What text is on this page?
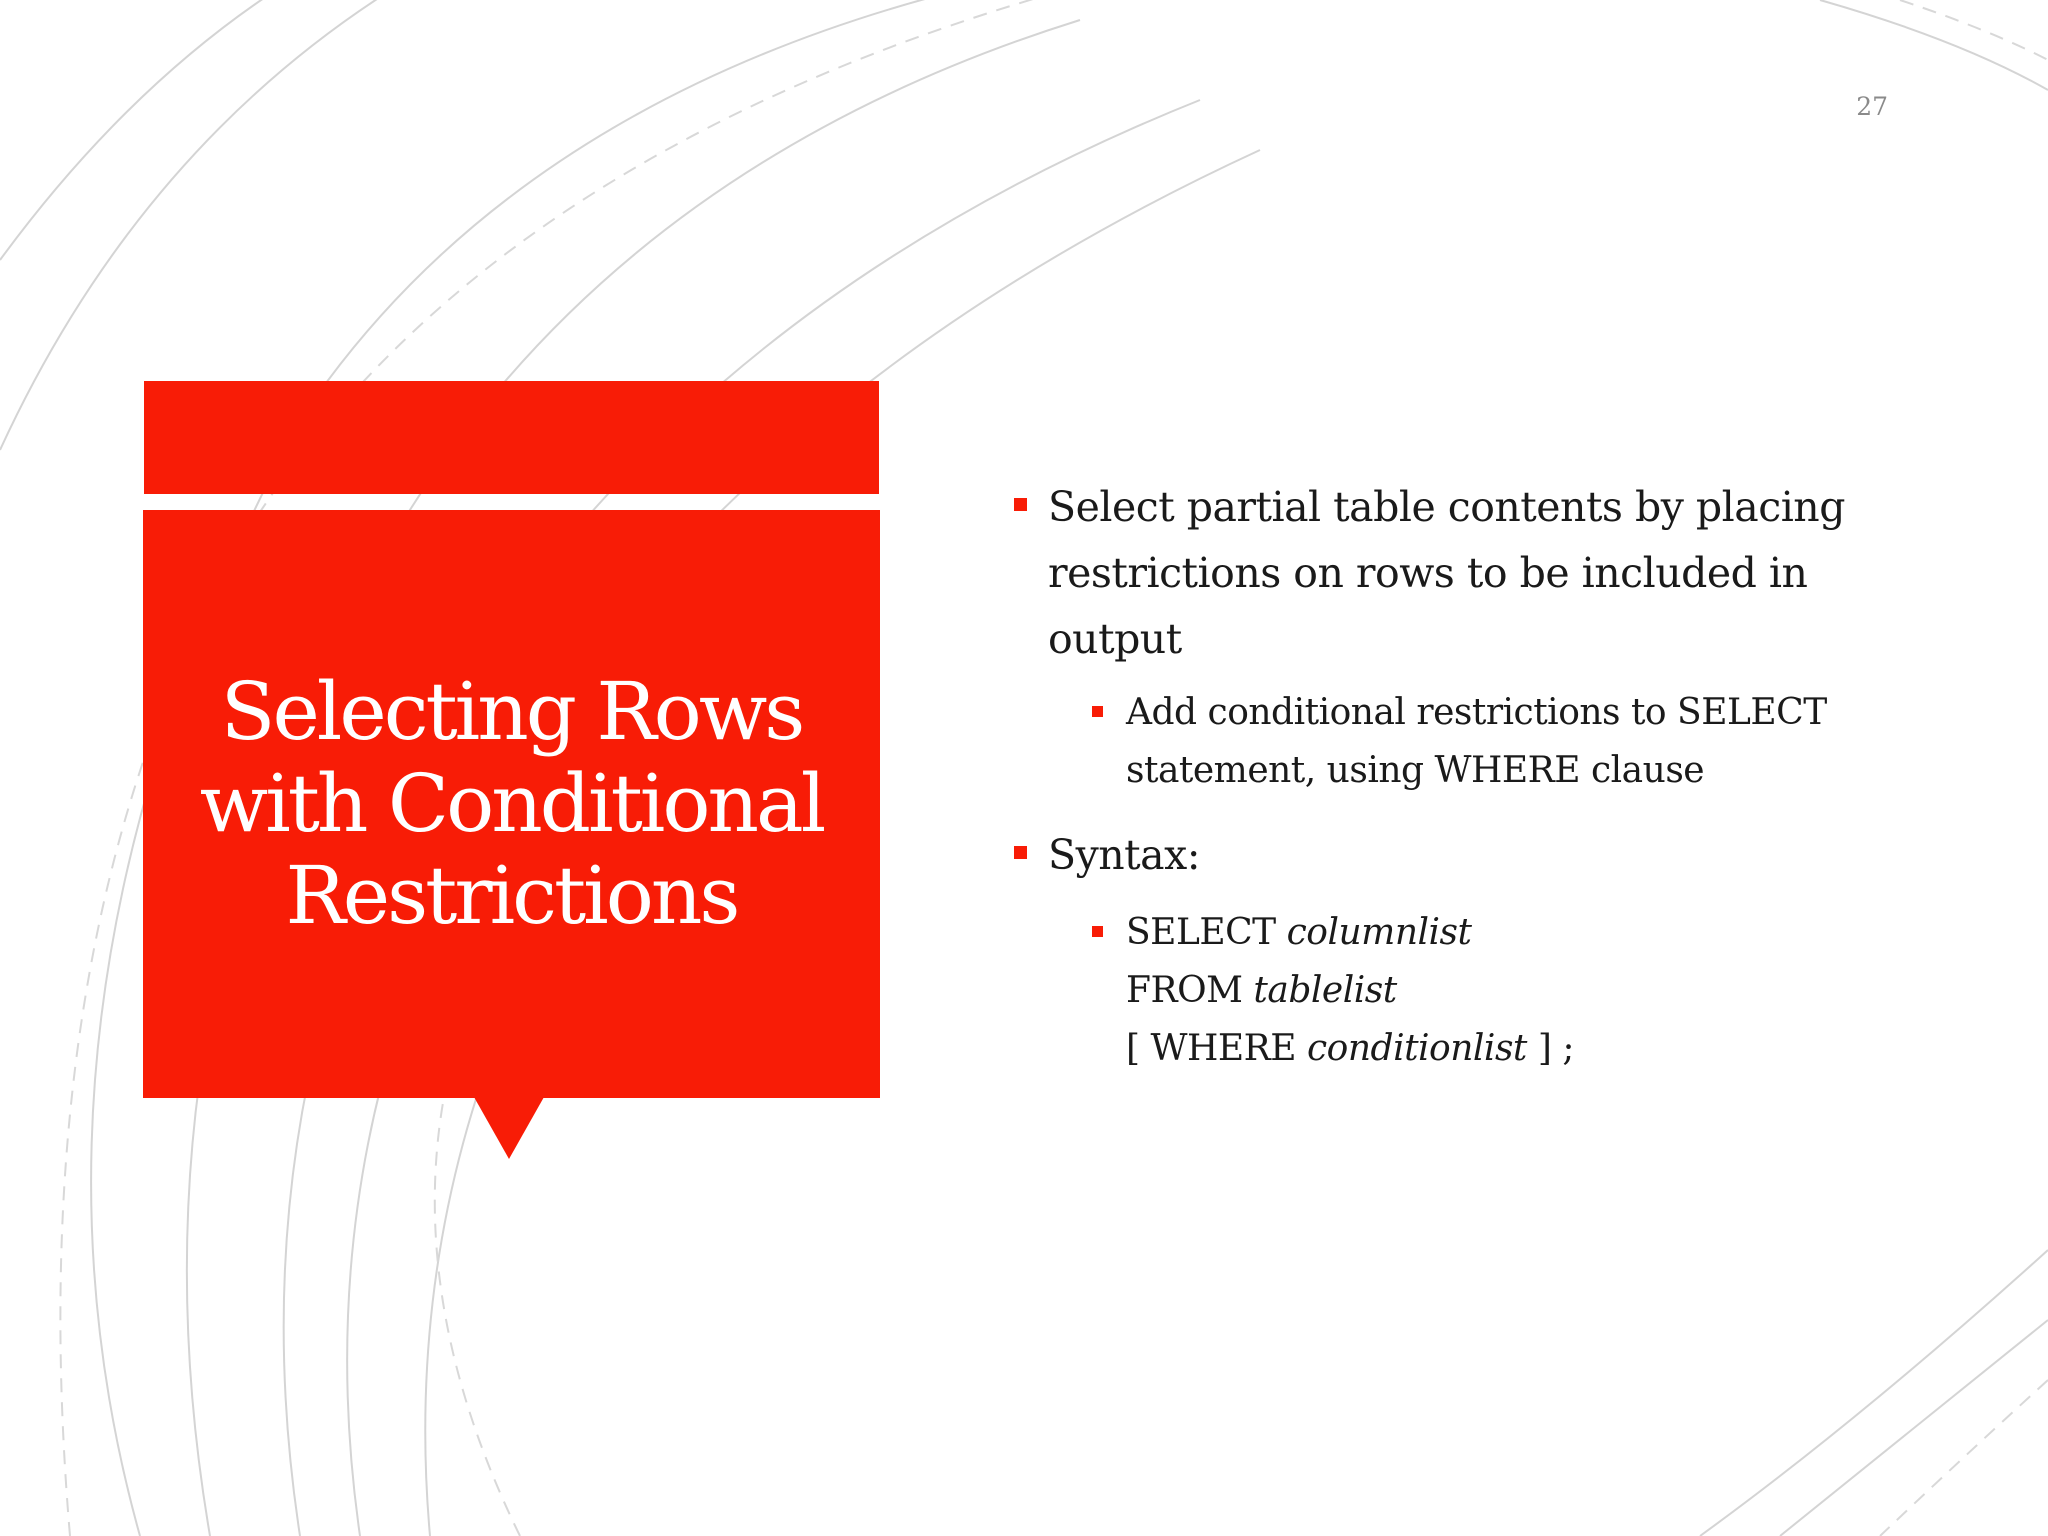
27
Selecting Rows with Conditional Restrictions

Select partial table contents by placing restrictions on rows to be included in output

Add conditional restrictions to SELECT statement, using WHERE clause

Syntax:

SELECT columnlist
FROM tablelist
[ WHERE conditionlist ] ;
